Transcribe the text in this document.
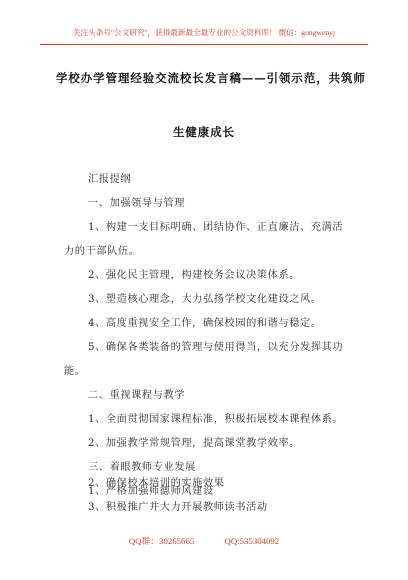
关注头条号"公文研究"，获得最新最全最专业的公文资料库！ 微信：gongwenyj
学校办学管理经验交流校长发言稿——引领示范，共筑师
生健康成长
汇报提纲
一、加强领导与管理
1、构建一支目标明确、团结协作、正直廉洁、充满活
力的干部队伍。
2、强化民主管理，构建校务会议决策体系。
3、塑造核心理念，大力弘扬学校文化建设之风。
4、高度重视安全工作，确保校园的和谐与稳定。
5、确保各类装备的管理与使用得当，以充分发挥其功
能。
二、重视课程与教学
1、全面贯彻国家课程标准，积极拓展校本课程体系。
2、加强教学常规管理，提高课堂教学效率。
三、着眼教师专业发展
1、严格加强师德师风建设
2、确保校本培训的实施效果
3、积极推广并大力开展教师读书活动
QQ群：30265665	QQ:535304092
